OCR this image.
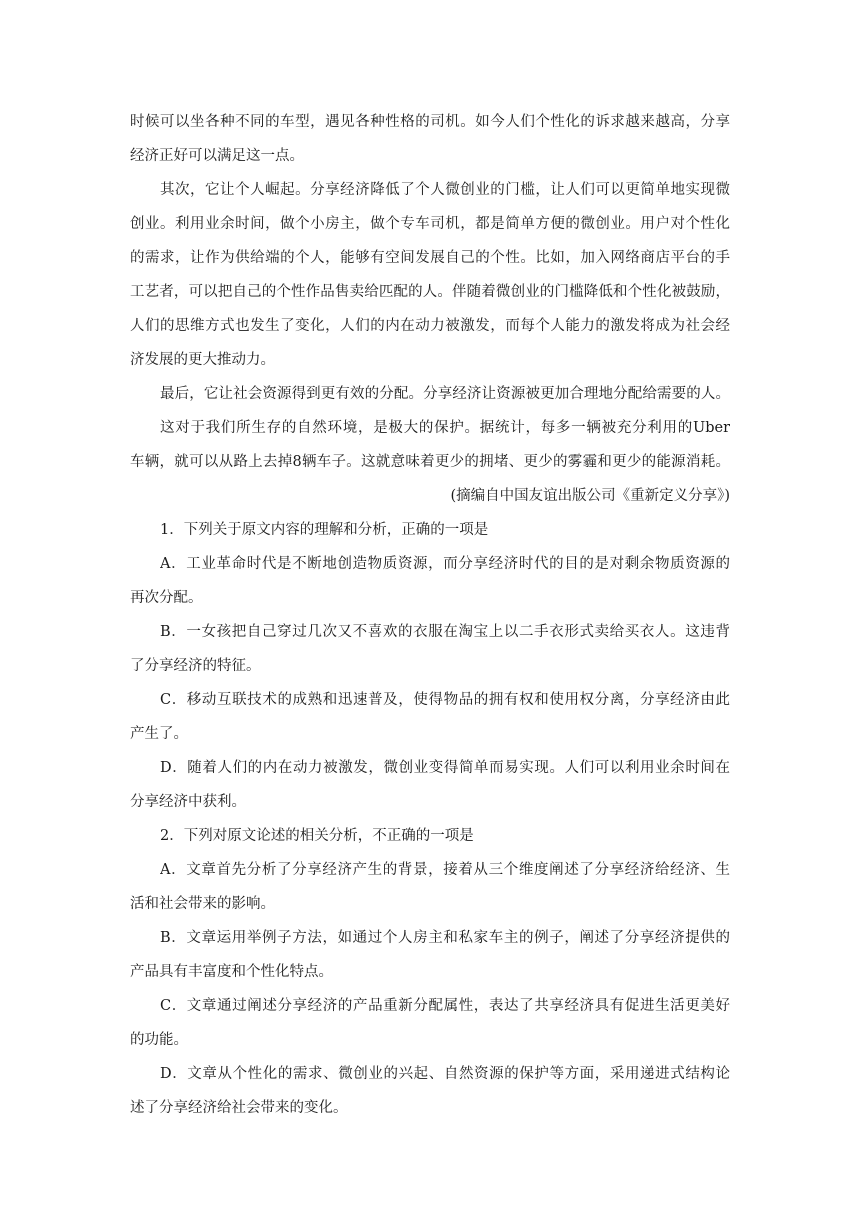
时候可以坐各种不同的车型，遇见各种性格的司机。如今人们个性化的诉求越来越高，分享
经济正好可以满足这一点。
其次，它让个人崛起。分享经济降低了个人微创业的门槛，让人们可以更简单地实现微
创业。利用业余时间，做个小房主，做个专车司机，都是简单方便的微创业。用户对个性化
的需求，让作为供给端的个人，能够有空间发展自己的个性。比如，加入网络商店平台的手
工艺者，可以把自己的个性作品售卖给匹配的人。伴随着微创业的门槛降低和个性化被鼓励，
人们的思维方式也发生了变化，人们的内在动力被激发，而每个人能力的激发将成为社会经
济发展的更大推动力。
最后，它让社会资源得到更有效的分配。分享经济让资源被更加合理地分配给需要的人。
这对于我们所生存的自然环境，是极大的保护。据统计，每多一辆被充分利用的Uber
车辆，就可以从路上去掉8辆车子。这就意味着更少的拥堵、更少的雾霾和更少的能源消耗。
(摘编自中国友谊出版公司《重新定义分享》)
1．下列关于原文内容的理解和分析，正确的一项是
A．工业革命时代是不断地创造物质资源，而分享经济时代的目的是对剩余物质资源的
再次分配。
B．一女孩把自己穿过几次又不喜欢的衣服在淘宝上以二手衣形式卖给买衣人。这违背
了分享经济的特征。
C．移动互联技术的成熟和迅速普及，使得物品的拥有权和使用权分离，分享经济由此
产生了。
D．随着人们的内在动力被激发，微创业变得简单而易实现。人们可以利用业余时间在
分享经济中获利。
2．下列对原文论述的相关分析，不正确的一项是
A．文章首先分析了分享经济产生的背景，接着从三个维度阐述了分享经济给经济、生
活和社会带来的影响。
B．文章运用举例子方法，如通过个人房主和私家车主的例子，阐述了分享经济提供的
产品具有丰富度和个性化特点。
C．文章通过阐述分享经济的产品重新分配属性，表达了共享经济具有促进生活更美好
的功能。
D．文章从个性化的需求、微创业的兴起、自然资源的保护等方面，采用递进式结构论
述了分享经济给社会带来的变化。
